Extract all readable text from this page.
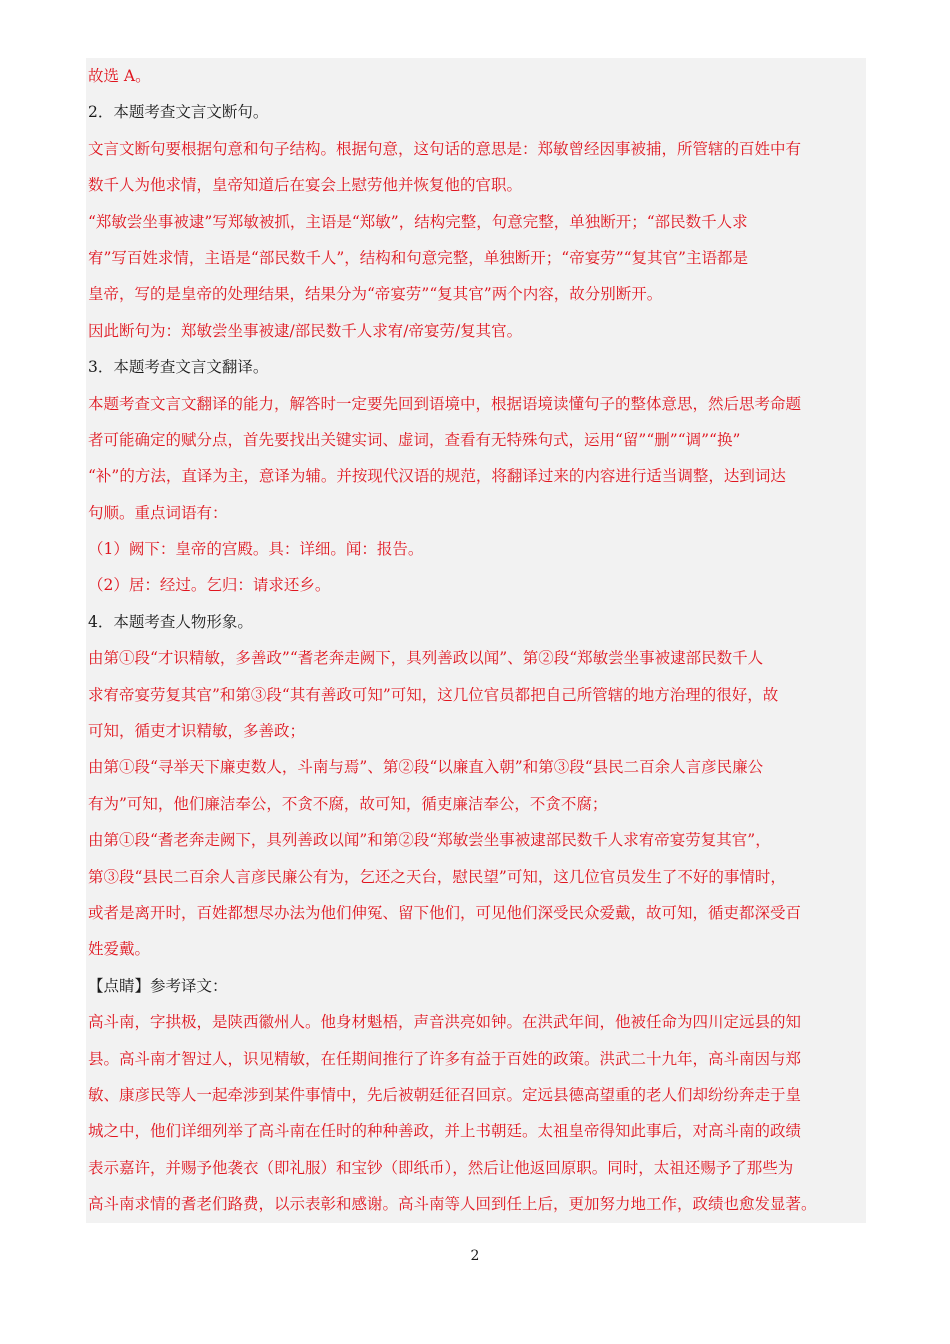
故选 A。
2．本题考查文言文断句。
文言文断句要根据句意和句子结构。根据句意，这句话的意思是：郑敏曾经因事被捕，所管辖的百姓中有
数千人为他求情，皇帝知道后在宴会上慰劳他并恢复他的官职。
“郑敏尝坐事被逮”写郑敏被抓，主语是“郑敏”，结构完整，句意完整，单独断开；“部民数千人求
宥”写百姓求情，主语是“部民数千人”，结构和句意完整，单独断开；“帝宴劳”“复其官”主语都是
皇帝，写的是皇帝的处理结果，结果分为“帝宴劳”“复其官”两个内容，故分别断开。
因此断句为：郑敏尝坐事被逮/部民数千人求宥/帝宴劳/复其官。
3．本题考查文言文翻译。
本题考查文言文翻译的能力，解答时一定要先回到语境中，根据语境读懂句子的整体意思，然后思考命题
者可能确定的赋分点，首先要找出关键实词、虚词，查看有无特殊句式，运用“留”“删”“调”“换”
“补”的方法，直译为主，意译为辅。并按现代汉语的规范，将翻译过来的内容进行适当调整，达到词达
句顺。重点词语有：
（1）阙下：皇帝的宫殿。具：详细。闻：报告。
（2）居：经过。乞归：请求还乡。
4．本题考查人物形象。
由第①段“才识精敏，多善政”“耆老奔走阙下，具列善政以闻”、第②段“郑敏尝坐事被逮部民数千人
求宥帝宴劳复其官”和第③段“其有善政可知”可知，这几位官员都把自己所管辖的地方治理的很好，故
可知，循吏才识精敏，多善政；
由第①段“寻举天下廉吏数人，斗南与焉”、第②段“以廉直入朝”和第③段“县民二百余人言彦民廉公
有为”可知，他们廉洁奉公，不贪不腐，故可知，循吏廉洁奉公，不贪不腐；
由第①段“耆老奔走阙下，具列善政以闻”和第②段“郑敏尝坐事被逮部民数千人求宥帝宴劳复其官”，
第③段“县民二百余人言彦民廉公有为，乞还之天台，慰民望”可知，这几位官员发生了不好的事情时，
或者是离开时，百姓都想尽办法为他们伸冤、留下他们，可见他们深受民众爱戴，故可知，循吏都深受百
姓爱戴。
【点睛】参考译文：
高斗南，字拱极，是陕西徽州人。他身材魁梧，声音洪亮如钟。在洪武年间，他被任命为四川定远县的知
县。高斗南才智过人，识见精敏，在任期间推行了许多有益于百姓的政策。洪武二十九年，高斗南因与郑
敏、康彦民等人一起牵涉到某件事情中，先后被朝廷征召回京。定远县德高望重的老人们却纷纷奔走于皇
城之中，他们详细列举了高斗南在任时的种种善政，并上书朝廷。太祖皇帝得知此事后，对高斗南的政绩
表示嘉许，并赐予他袭衣（即礼服）和宝钞（即纸币），然后让他返回原职。同时，太祖还赐予了那些为
高斗南求情的耆老们路费，以示表彰和感谢。高斗南等人回到任上后，更加努力地工作，政绩也愈发显著。
2
